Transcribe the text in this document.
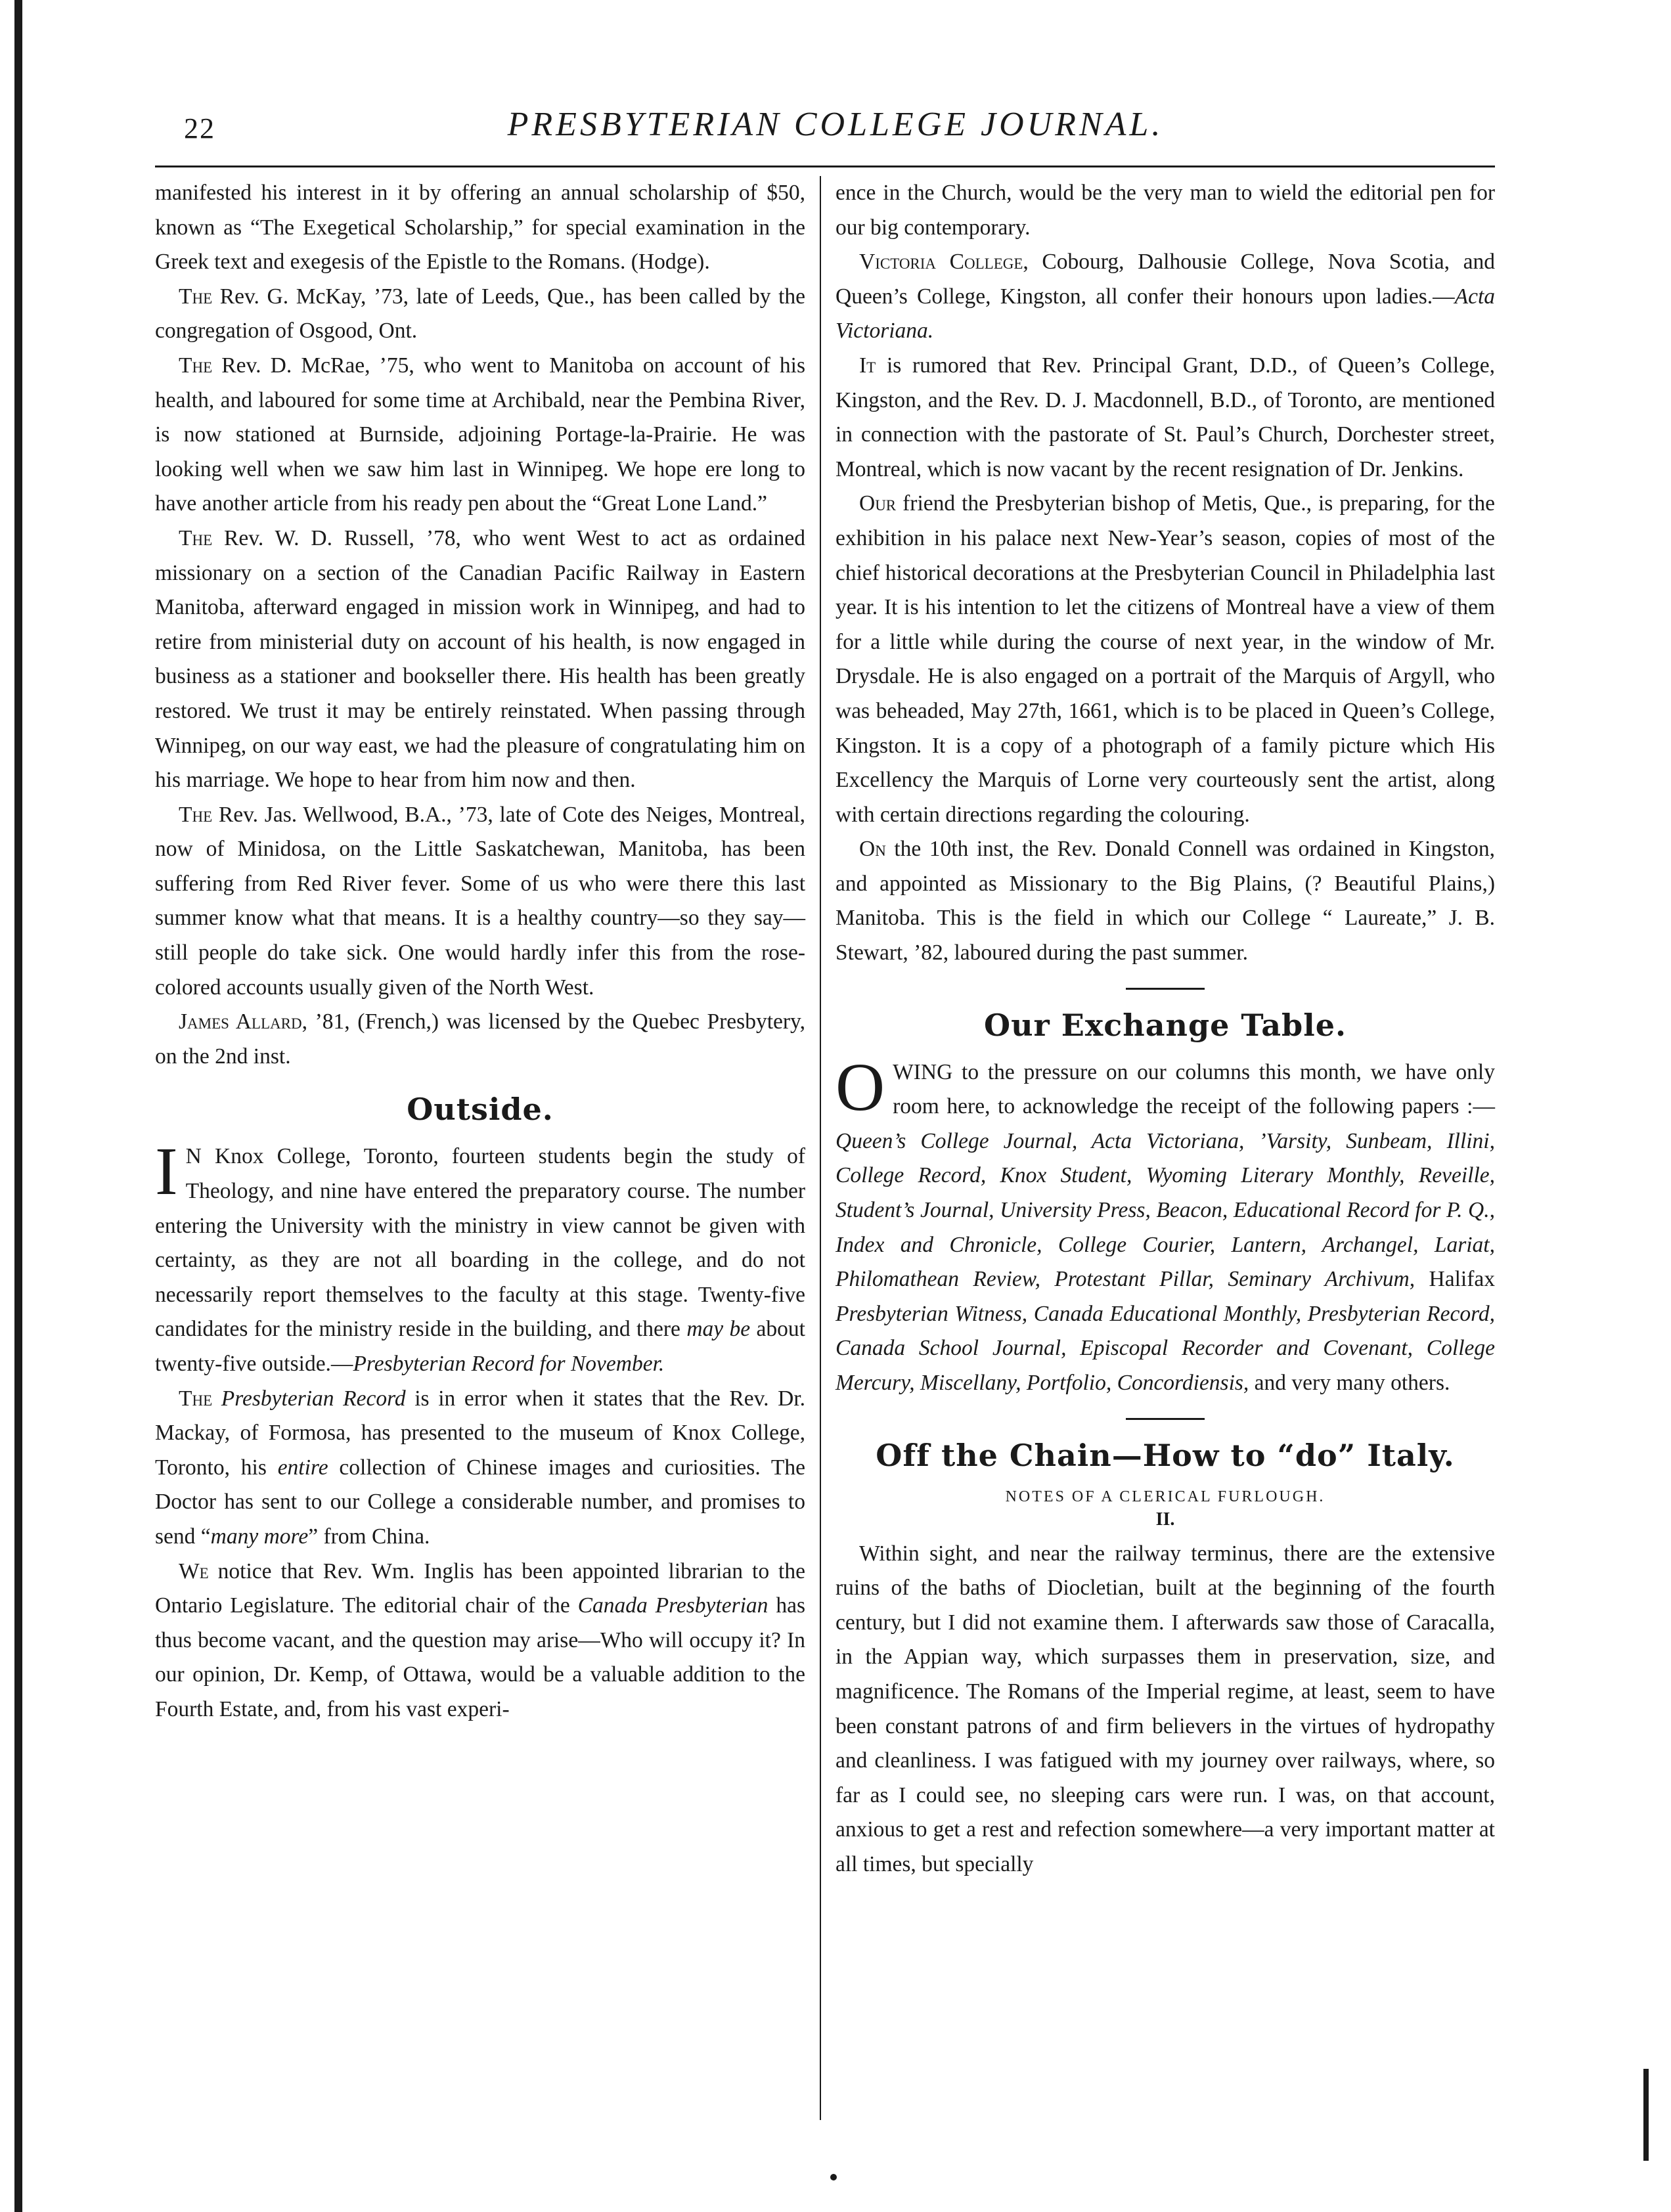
22	PRESBYTERIAN COLLEGE JOURNAL.

manifested his interest in it by offering an annual scholarship of $50, known as “The Exegetical Scholarship,” for special examination in the Greek text and exegesis of the Epistle to the Romans. (Hodge).

The Rev. G. McKay, ’73, late of Leeds, Que., has been called by the congregation of Osgood, Ont.

The Rev. D. McRae, ’75, who went to Manitoba on account of his health, and laboured for some time at Archibald, near the Pembina River, is now stationed at Burnside, adjoining Portage-la-Prairie. He was looking well when we saw him last in Winnipeg. We hope ere long to have another article from his ready pen about the “Great Lone Land.”

The Rev. W. D. Russell, ’78, who went West to act as ordained missionary on a section of the Canadian Pacific Railway in Eastern Manitoba, afterward engaged in mission work in Winnipeg, and had to retire from ministerial duty on account of his health, is now engaged in business as a stationer and bookseller there. His health has been greatly restored. We trust it may be entirely reinstated. When passing through Winnipeg, on our way east, we had the pleasure of congratulating him on his marriage. We hope to hear from him now and then.

The Rev. Jas. Wellwood, B.A., ’73, late of Cote des Neiges, Montreal, now of Minidosa, on the Little Saskatchewan, Manitoba, has been suffering from Red River fever. Some of us who were there this last summer know what that means. It is a healthy country—so they say—still people do take sick. One would hardly infer this from the rose-colored accounts usually given of the North West.

James Allard, ’81, (French,) was licensed by the Quebec Presbytery, on the 2nd inst.

Outside.

I N Knox College, Toronto, fourteen students begin the study of Theology, and nine have entered the preparatory course. The number entering the University with the ministry in view cannot be given with certainty, as they are not all boarding in the college, and do not necessarily report themselves to the faculty at this stage. Twenty-five candidates for the ministry reside in the building, and there may be about twenty-five outside.—Presbyterian Record for November.

The Presbyterian Record is in error when it states that the Rev. Dr. Mackay, of Formosa, has presented to the museum of Knox College, Toronto, his entire collection of Chinese images and curiosities. The Doctor has sent to our College a considerable number, and promises to send “many more” from China.

We notice that Rev. Wm. Inglis has been appointed librarian to the Ontario Legislature. The editorial chair of the Canada Presbyterian has thus become vacant, and the question may arise—Who will occupy it? In our opinion, Dr. Kemp, of Ottawa, would be a valuable addition to the Fourth Estate, and, from his vast experi-

ence in the Church, would be the very man to wield the editorial pen for our big contemporary.

Victoria College, Cobourg, Dalhousie College, Nova Scotia, and Queen’s College, Kingston, all confer their honours upon ladies.—Acta Victoriana.

It is rumored that Rev. Principal Grant, D.D., of Queen’s College, Kingston, and the Rev. D. J. Macdonnell, B.D., of Toronto, are mentioned in connection with the pastorate of St. Paul’s Church, Dorchester street, Montreal, which is now vacant by the recent resignation of Dr. Jenkins.

Our friend the Presbyterian bishop of Metis, Que., is preparing, for the exhibition in his palace next New-Year’s season, copies of most of the chief historical decorations at the Presbyterian Council in Philadelphia last year. It is his intention to let the citizens of Montreal have a view of them for a little while during the course of next year, in the window of Mr. Drysdale. He is also engaged on a portrait of the Marquis of Argyll, who was beheaded, May 27th, 1661, which is to be placed in Queen’s College, Kingston. It is a copy of a photograph of a family picture which His Excellency the Marquis of Lorne very courteously sent the artist, along with certain directions regarding the colouring.

On the 10th inst, the Rev. Donald Connell was ordained in Kingston, and appointed as Missionary to the Big Plains, (? Beautiful Plains,) Manitoba. This is the field in which our College “ Laureate,” J. B. Stewart, ’82, laboured during the past summer.

Our Exchange Table.

OWING to the pressure on our columns this month, we have only room here, to acknowledge the receipt of the following papers :—Queen’s College Journal, Acta Victoriana, ’Varsity, Sunbeam, Illini, College Record, Knox Student, Wyoming Literary Monthly, Reveille, Student’s Journal, University Press, Beacon, Educational Record for P. Q., Index and Chronicle, College Courier, Lantern, Archangel, Lariat, Philomathean Review, Protestant Pillar, Seminary Archivum, Halifax Presbyterian Witness, Canada Educational Monthly, Presbyterian Record, Canada School Journal, Episcopal Recorder and Covenant, College Mercury, Miscellany, Portfolio, Concordiensis, and very many others.

Off the Chain—How to “do” Italy.
NOTES OF A CLERICAL FURLOUGH.
II.

Within sight, and near the railway terminus, there are the extensive ruins of the baths of Diocletian, built at the beginning of the fourth century, but I did not examine them. I afterwards saw those of Caracalla, in the Appian way, which surpasses them in preservation, size, and magnificence. The Romans of the Imperial regime, at least, seem to have been constant patrons of and firm believers in the virtues of hydropathy and cleanliness. I was fatigued with my journey over railways, where, so far as I could see, no sleeping cars were run. I was, on that account, anxious to get a rest and refection somewhere—a very important matter at all times, but specially
